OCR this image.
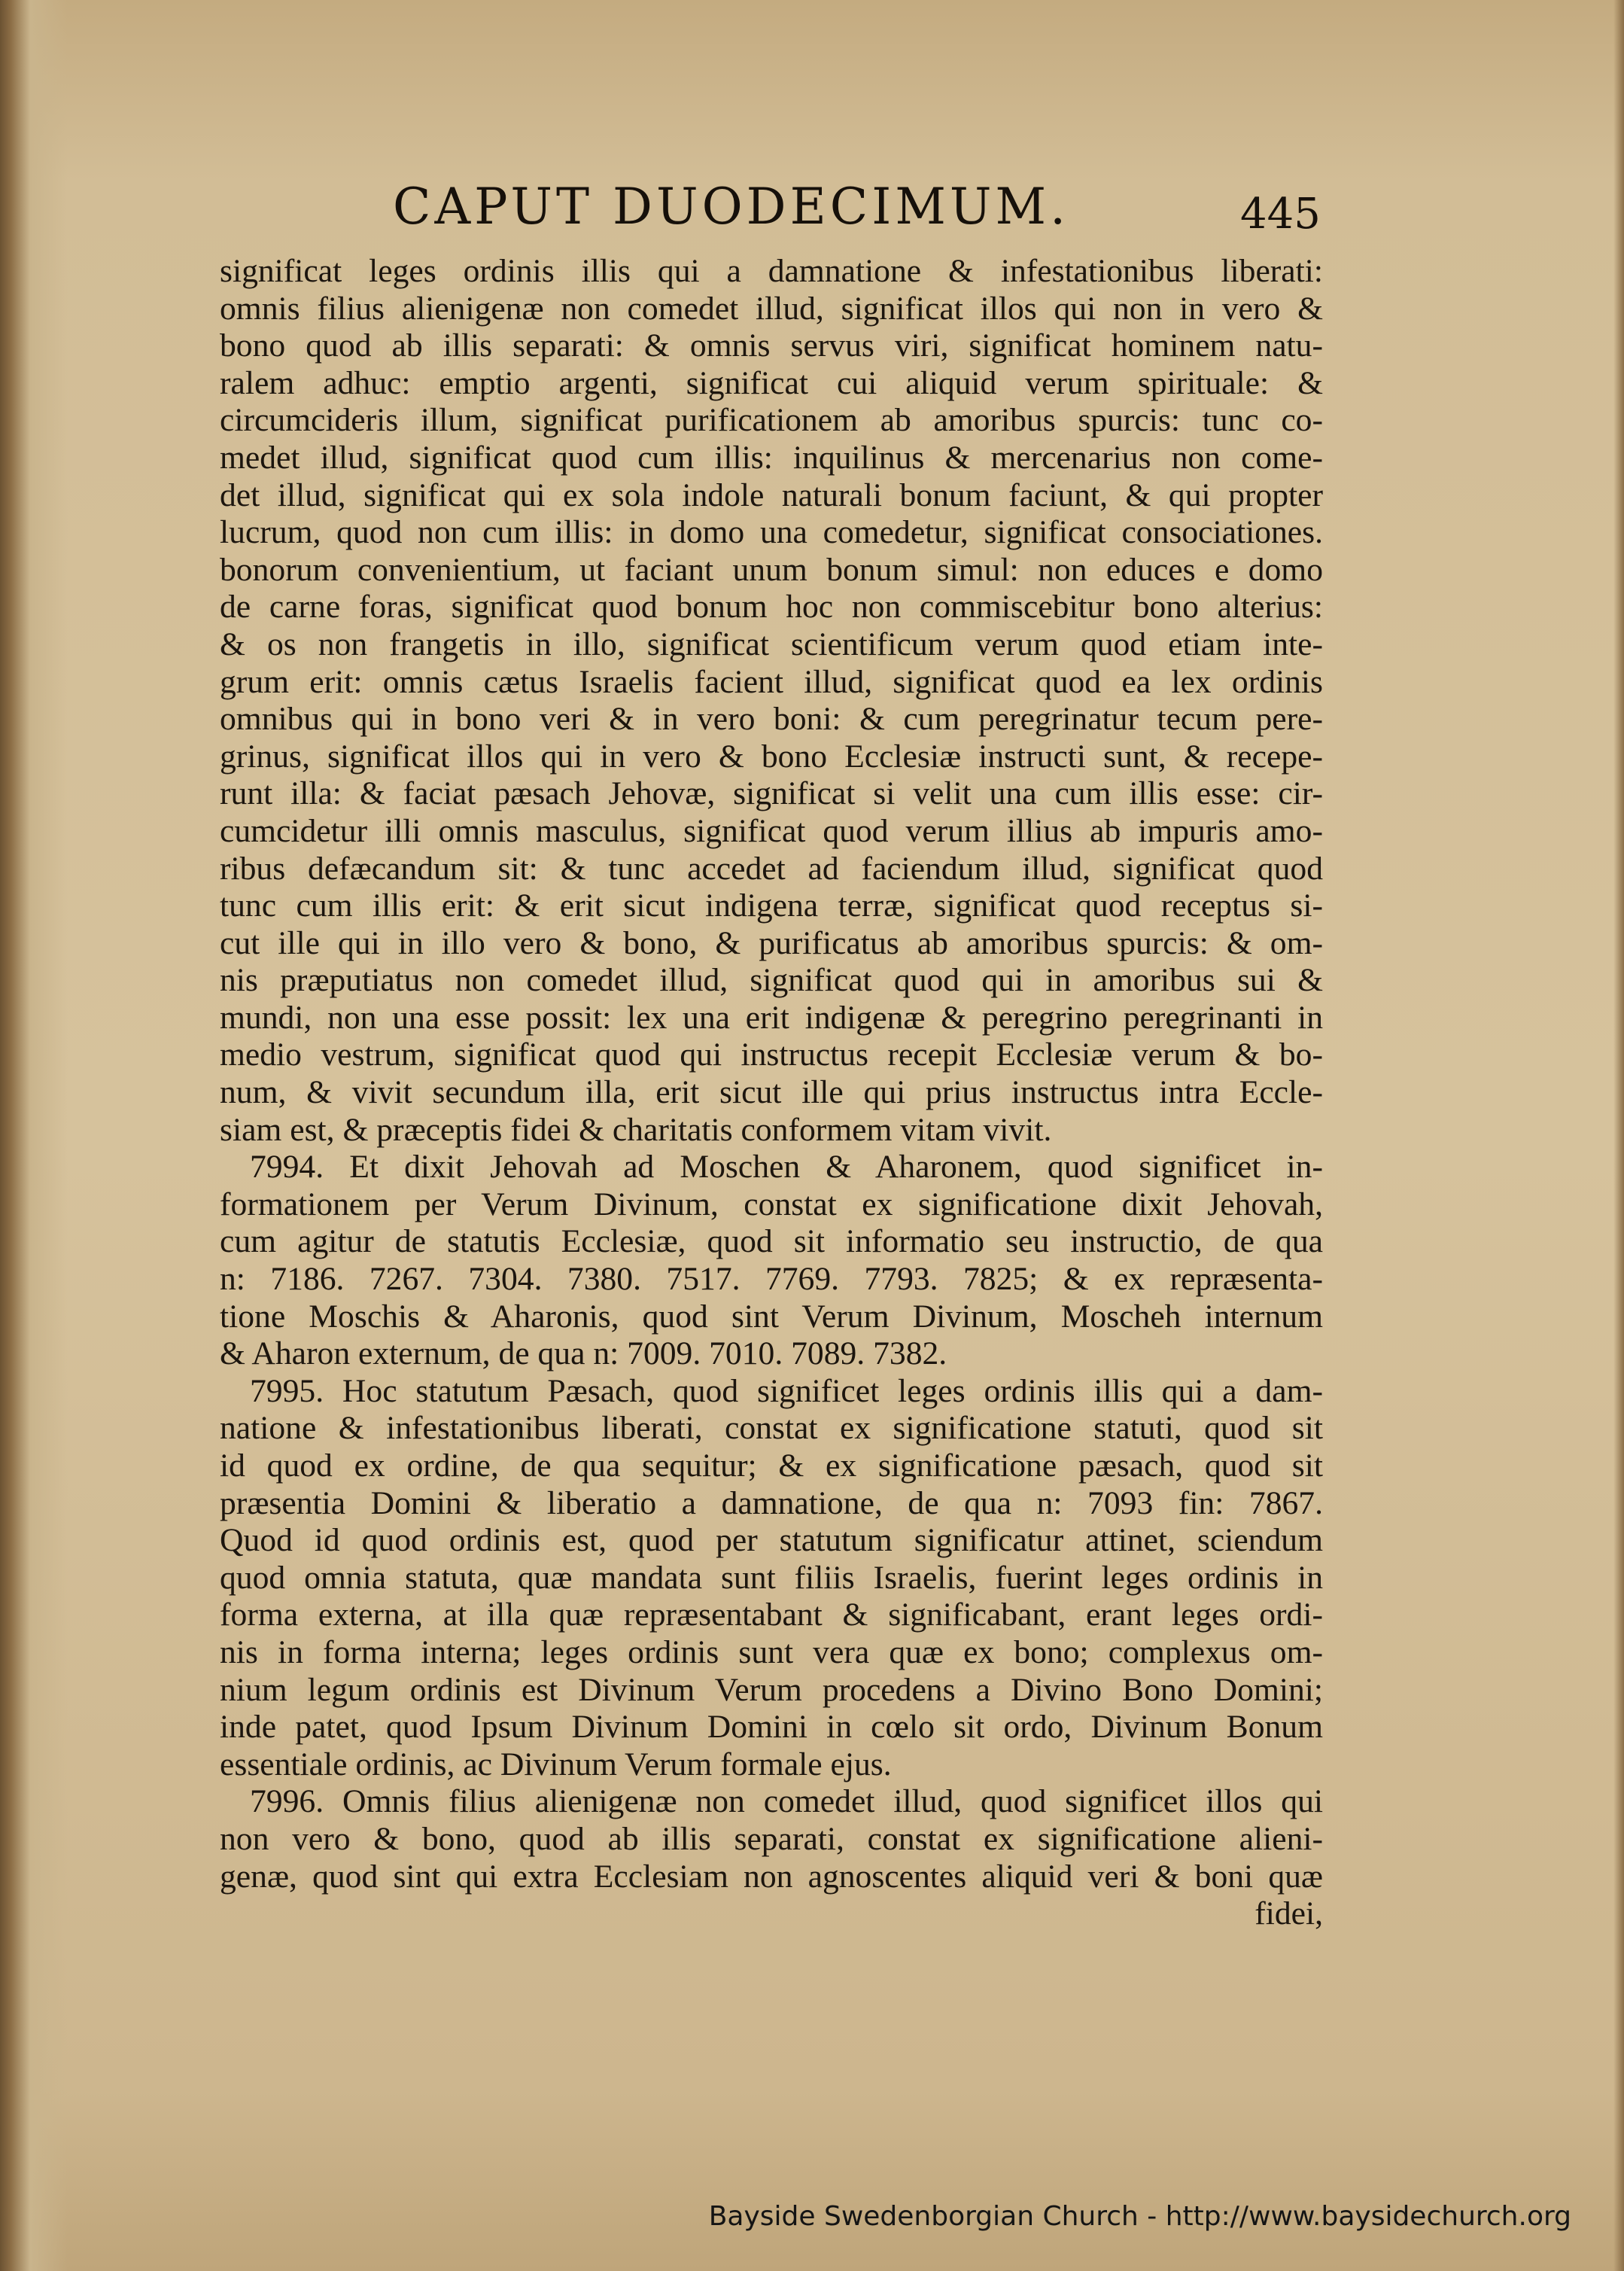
CAPUT DUODECIMUM.	445
significat leges ordinis illis qui a damnatione & infestationibus liberati:
omnis filius alienigenæ non comedet illud, significat illos qui non in vero &
bono quod ab illis separati: & omnis servus viri, significat hominem natu-
ralem adhuc: emptio argenti, significat cui aliquid verum spirituale: &
circumcideris illum, significat purificationem ab amoribus spurcis: tunc co-
medet illud, significat quod cum illis: inquilinus & mercenarius non come-
det illud, significat qui ex sola indole naturali bonum faciunt, & qui propter
lucrum, quod non cum illis: in domo una comedetur, significat consociationes.
bonorum convenientium, ut faciant unum bonum simul: non educes e domo
de carne foras, significat quod bonum hoc non commiscebitur bono alterius:
& os non frangetis in illo, significat scientificum verum quod etiam inte-
grum erit: omnis cætus Israelis facient illud, significat quod ea lex ordinis
omnibus qui in bono veri & in vero boni: & cum peregrinatur tecum pere-
grinus, significat illos qui in vero & bono Ecclesiæ instructi sunt, & recepe-
runt illa: & faciat pæsach Jehovæ, significat si velit una cum illis esse: cir-
cumcidetur illi omnis masculus, significat quod verum illius ab impuris amo-
ribus defæcandum sit: & tunc accedet ad faciendum illud, significat quod
tunc cum illis erit: & erit sicut indigena terræ, significat quod receptus si-
cut ille qui in illo vero & bono, & purificatus ab amoribus spurcis: & om-
nis præputiatus non comedet illud, significat quod qui in amoribus sui &
mundi, non una esse possit: lex una erit indigenæ & peregrino peregrinanti in
medio vestrum, significat quod qui instructus recepit Ecclesiæ verum & bo-
num, & vivit secundum illa, erit sicut ille qui prius instructus intra Eccle-
siam est, & præceptis fidei & charitatis conformem vitam vivit.
7994. Et dixit Jehovah ad Moschen & Aharonem, quod significet in-
formationem per Verum Divinum, constat ex significatione dixit Jehovah,
cum agitur de statutis Ecclesiæ, quod sit informatio seu instructio, de qua
n: 7186. 7267. 7304. 7380. 7517. 7769. 7793. 7825; & ex repræsenta-
tione Moschis & Aharonis, quod sint Verum Divinum, Moscheh internum
& Aharon externum, de qua n: 7009. 7010. 7089. 7382.
7995. Hoc statutum Pæsach, quod significet leges ordinis illis qui a dam-
natione & infestationibus liberati, constat ex significatione statuti, quod sit
id quod ex ordine, de qua sequitur; & ex significatione pæsach, quod sit
præsentia Domini & liberatio a damnatione, de qua n: 7093 fin: 7867.
Quod id quod ordinis est, quod per statutum significatur attinet, sciendum
quod omnia statuta, quæ mandata sunt filiis Israelis, fuerint leges ordinis in
forma externa, at illa quæ repræsentabant & significabant, erant leges ordi-
nis in forma interna; leges ordinis sunt vera quæ ex bono; complexus om-
nium legum ordinis est Divinum Verum procedens a Divino Bono Domini;
inde patet, quod Ipsum Divinum Domini in cœlo sit ordo, Divinum Bonum
essentiale ordinis, ac Divinum Verum formale ejus.
7996. Omnis filius alienigenæ non comedet illud, quod significet illos qui
non vero & bono, quod ab illis separati, constat ex significatione alieni-
genæ, quod sint qui extra Ecclesiam non agnoscentes aliquid veri & boni quæ
fidei,
Bayside Swedenborgian Church - http://www.baysidechurch.org
